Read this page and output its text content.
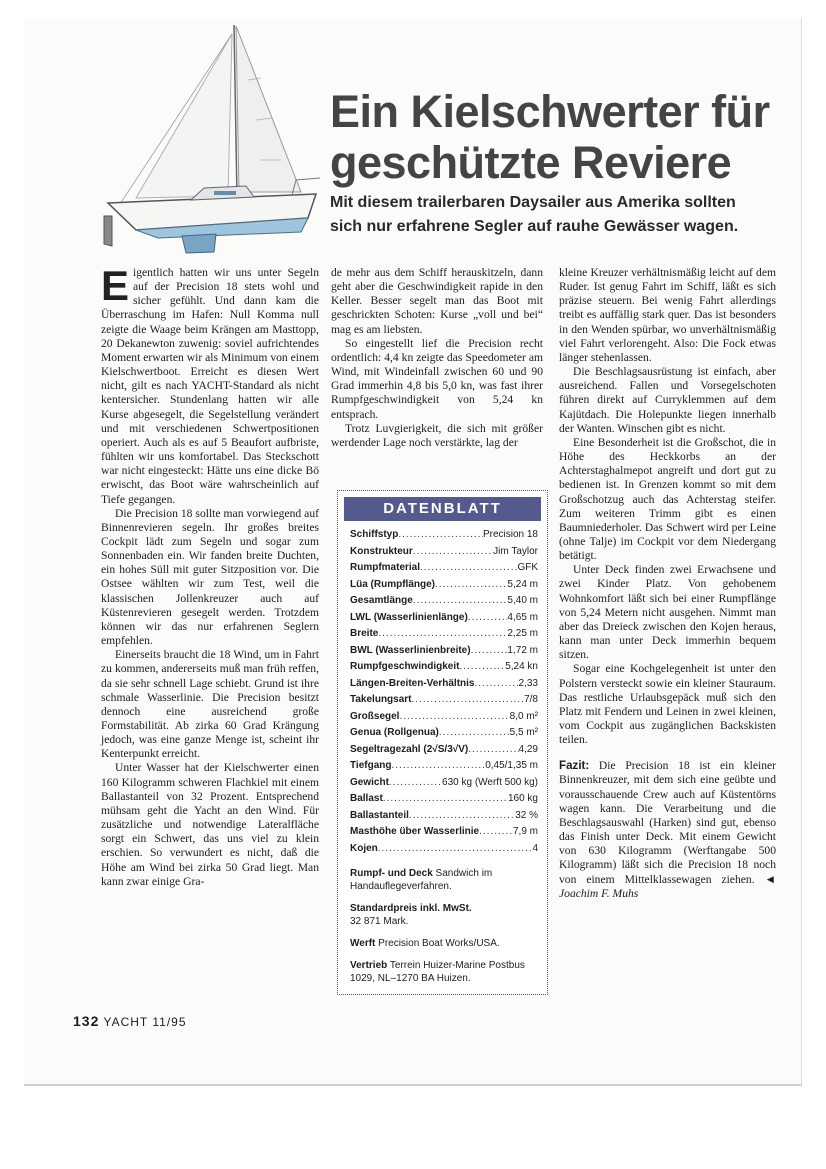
Ein Kielschwerter für geschützte Reviere
Mit diesem trailerbaren Daysailer aus Amerika sollten sich nur erfahrene Segler auf rauhe Gewässer wagen.

Eigentlich hatten wir uns unter Segeln auf der Precision 18 stets wohl und sicher gefühlt. Und dann kam die Überraschung im Hafen: Null Komma null zeigte die Waage beim Krängen am Masttopp, 20 Dekanewton zuwenig: soviel aufrichtendes Moment erwarten wir als Minimum von einem Kielschwertboot. Erreicht es diesen Wert nicht, gilt es nach YACHT-Standard als nicht kentersicher. Stundenlang hatten wir alle Kurse abgesegelt, die Segelstellung verändert und mit verschiedenen Schwertpositionen operiert. Auch als es auf 5 Beaufort aufbriste, fühlten wir uns komfortabel. Das Steckschott war nicht eingesteckt: Hätte uns eine dicke Bö erwischt, das Boot wäre wahrscheinlich auf Tiefe gegangen.

Die Precision 18 sollte man vorwiegend auf Binnenrevieren segeln. Ihr großes breites Cockpit lädt zum Segeln und sogar zum Sonnenbaden ein. Wir fanden breite Duchten, ein hohes Süll mit guter Sitzposition vor. Die Ostsee wählten wir zum Test, weil die klassischen Jollenkreuzer auch auf Küstenrevieren gesegelt werden. Trotzdem können wir das nur erfahrenen Seglern empfehlen.

Einerseits braucht die 18 Wind, um in Fahrt zu kommen, andererseits muß man früh reffen, da sie sehr schnell Lage schiebt. Grund ist ihre schmale Wasserlinie. Die Precision besitzt dennoch eine ausreichend große Formstabilität. Ab zirka 60 Grad Krängung jedoch, was eine ganze Menge ist, scheint ihr Kenterpunkt erreicht.

Unter Wasser hat der Kielschwerter einen 160 Kilogramm schweren Flachkiel mit einem Ballastanteil von 32 Prozent. Entsprechend mühsam geht die Yacht an den Wind. Für zusätzliche und notwendige Lateralfläche sorgt ein Schwert, das uns viel zu klein erschien. So verwundert es nicht, daß die Höhe am Wind bei zirka 50 Grad liegt. Man kann zwar einige Gra-

de mehr aus dem Schiff herauskitzeln, dann geht aber die Geschwindigkeit rapide in den Keller. Besser segelt man das Boot mit geschrickten Schoten: Kurse „voll und bei“ mag es am liebsten.

So eingestellt lief die Precision recht ordentlich: 4,4 kn zeigte das Speedometer am Wind, mit Windeinfall zwischen 60 und 90 Grad immerhin 4,8 bis 5,0 kn, was fast ihrer Rumpfgeschwindigkeit von 5,24 kn entsprach.

Trotz Luvgierigkeit, die sich mit größer werdender Lage noch verstärkte, lag der

DATENBLATT
Schiffstyp .....	Precision 18
Konstrukteur .....	Jim Taylor
Rumpfmaterial .....	GFK
Lüa (Rumpflänge) .....	5,24 m
Gesamtlänge .....	5,40 m
LWL (Wasserlinienlänge) .....	4,65 m
Breite .....	2,25 m
BWL (Wasserlinienbreite) .....	1,72 m
Rumpfgeschwindigkeit .....	5,24 kn
Längen-Breiten-Verhältnis .....	2,33
Takelungsart .....	7/8
Großsegel .....	8,0 m²
Genua (Rollgenua) .....	5,5 m²
Segeltragezahl (2√S/3√V) .....	4,29
Tiefgang .....	0,45/1,35 m
Gewicht .....	630 kg (Werft 500 kg)
Ballast .....	160 kg
Ballastanteil .....	32 %
Masthöhe über Wasserlinie .....	7,9 m
Kojen .....	4

Rumpf- und Deck Sandwich im Handauflegeverfahren.

Standardpreis inkl. MwSt.
32 871 Mark.

Werft Precision Boat Works/USA.

Vertrieb Terrein Huizer-Marine Postbus 1029, NL–1270 BA Huizen.

kleine Kreuzer verhältnismäßig leicht auf dem Ruder. Ist genug Fahrt im Schiff, läßt es sich präzise steuern. Bei wenig Fahrt allerdings treibt es auffällig stark quer. Das ist besonders in den Wenden spürbar, wo unverhältnismäßig viel Fahrt verlorengeht. Also: Die Fock etwas länger stehenlassen.

Die Beschlagsausrüstung ist einfach, aber ausreichend. Fallen und Vorsegelschoten führen direkt auf Curryklemmen auf dem Kajütdach. Die Holepunkte liegen innerhalb der Wanten. Winschen gibt es nicht.

Eine Besonderheit ist die Großschot, die in Höhe des Heckkorbs an der Achterstaghalmepot angreift und dort gut zu bedienen ist. In Grenzen kommt so mit dem Großschotzug auch das Achterstag steifer. Zum weiteren Trimm gibt es einen Baumniederholer. Das Schwert wird per Leine (ohne Talje) im Cockpit vor dem Niedergang betätigt.

Unter Deck finden zwei Erwachsene und zwei Kinder Platz. Von gehobenem Wohnkomfort läßt sich bei einer Rumpflänge von 5,24 Metern nicht ausgehen. Nimmt man aber das Dreieck zwischen den Kojen heraus, kann man unter Deck immerhin bequem sitzen.

Sogar eine Kochgelegenheit ist unter den Polstern versteckt sowie ein kleiner Stauraum. Das restliche Urlaubsgepäck muß sich den Platz mit Fendern und Leinen in zwei kleinen, vom Cockpit aus zugänglichen Backskisten teilen.

Fazit: Die Precision 18 ist ein kleiner Binnenkreuzer, mit dem sich eine geübte und vorausschauende Crew auch auf Küstentörns wagen kann. Die Verarbeitung und die Beschlagsauswahl (Harken) sind gut, ebenso das Finish unter Deck. Mit einem Gewicht von 630 Kilogramm (Werftangabe 500 Kilogramm) läßt sich die Precision 18 noch von einem Mittelklassewagen ziehen. ◄ Joachim F. Muhs

132 YACHT 11/95
